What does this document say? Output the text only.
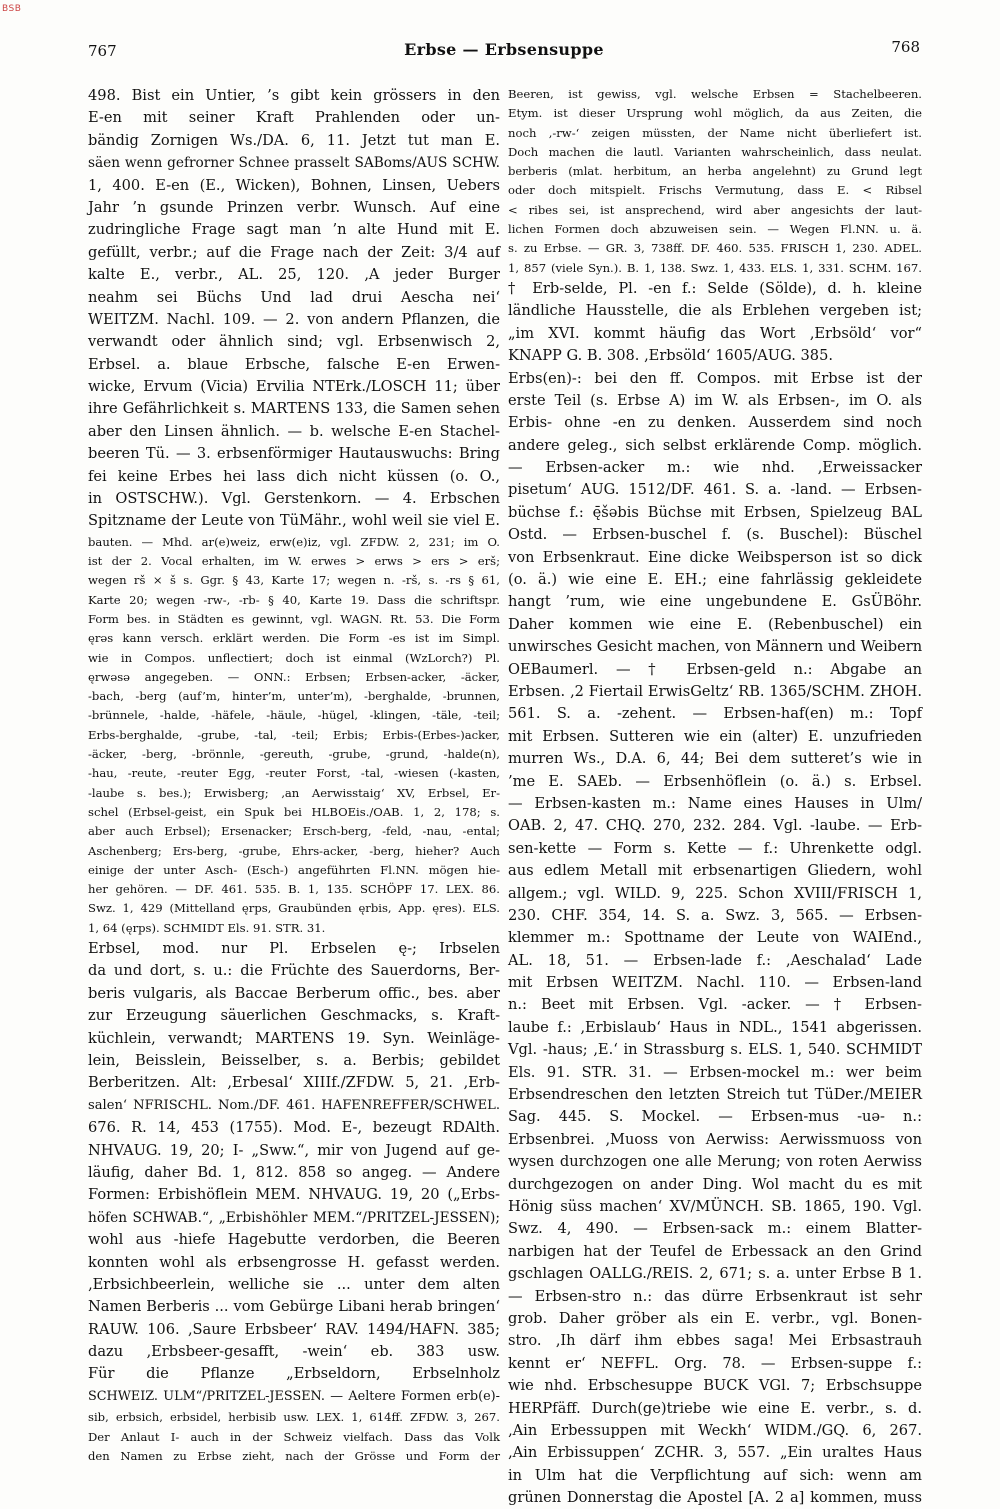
BSB
767	Erbse — Erbsensuppe	768
498. Bist ein Untier, ’s gibt kein grössers in den
E-en mit seiner Kraft Prahlenden oder un-
bändig Zornigen Ws./DA. 6, 11. Jetzt tut man E.
säen wenn gefrorner Schnee prasselt SABoms/AUS SCHW.
1, 400. E-en (E., Wicken), Bohnen, Linsen, Uebers
Jahr ’n gsunde Prinzen verbr. Wunsch. Auf eine
zudringliche Frage sagt man ’n alte Hund mit E.
gefüllt, verbr.; auf die Frage nach der Zeit: 3/4 auf
kalte E., verbr., AL. 25, 120. ‚A jeder Burger
neahm sei Büchs Und lad drui Aescha nei‘
WEITZM. Nachl. 109. — 2. von andern Pflanzen, die
verwandt oder ähnlich sind; vgl. Erbsenwisch 2,
Erbsel. a. blaue Erbsche, falsche E-en Erwen-
wicke, Ervum (Vicia) Ervilia NTErk./LOSCH 11; über
ihre Gefährlichkeit s. MARTENS 133, die Samen sehen
aber den Linsen ähnlich. — b. welsche E-en Stachel-
beeren Tü. — 3. erbsenförmiger Hautauswuchs: Bring
fei keine Erbes hei lass dich nicht küssen (o. O.,
in OSTSCHW.). Vgl. Gerstenkorn. — 4. Erbschen
Spitzname der Leute von TüMähr., wohl weil sie viel E.
bauten. — Mhd. ar(e)weiz, erw(e)iz, vgl. ZFDW. 2, 231; im O.
ist der 2. Vocal erhalten, im W. erwes > erws > ers > erš;
wegen rš × š s. Ggr. § 43, Karte 17; wegen n. -rš, s. -rs § 61,
Karte 20; wegen -rw-, -rb- § 40, Karte 19. Dass die schriftspr.
Form bes. in Städten es gewinnt, vgl. WAGN. Rt. 53. Die Form
ęrəs kann versch. erklärt werden. Die Form -es ist im Simpl.
wie in Compos. unflectiert; doch ist einmal (WzLorch?) Pl.
ęrwəsə angegeben. — ONN.: Erbsen; Erbsen-acker, -äcker,
-bach, -berg (auf’m, hinter’m, unter’m), -berghalde, -brunnen,
-brünnele, -halde, -häfele, -häule, -hügel, -klingen, -täle, -teil;
Erbs-berghalde, -grube, -tal, -teil; Erbis; Erbis-(Erbes-)acker,
-äcker, -berg, -brönnle, -gereuth, -grube, -grund, -halde(n),
-hau, -reute, -reuter Egg, -reuter Forst, -tal, -wiesen (-kasten,
-laube s. bes.); Erwisberg; ‚an Aerwisstaig‘ XV, Erbsel, Er-
schel (Erbsel-geist, ein Spuk bei HLBOEis./OAB. 1, 2, 178; s.
aber auch Erbsel); Ersenacker; Ersch-berg, -feld, -nau, -ental;
Aschenberg; Ers-berg, -grube, Ehrs-acker, -berg, hieher? Auch
einige der unter Asch- (Esch-) angeführten Fl.NN. mögen hie-
her gehören. — DF. 461. 535. B. 1, 135. SCHÖPF 17. LEX. 86.
Swz. 1, 429 (Mittelland ęrps, Graubünden ęrbis, App. ęres). ELS.
1, 64 (ęrps). SCHMIDT Els. 91. STR. 31.
Erbsel, mod. nur Pl. Erbselen ę-; Irbselen
da und dort, s. u.: die Früchte des Sauerdorns, Ber-
beris vulgaris, als Baccae Berberum offic., bes. aber
zur Erzeugung säuerlichen Geschmacks, s. Kraft-
küchlein, verwandt; MARTENS 19. Syn. Weinläge-
lein, Beisslein, Beisselber, s. a. Berbis; gebildet
Berberitzen. Alt: ‚Erbesal‘ XIIIf./ZFDW. 5, 21. ‚Erb-
salen‘ NFRISCHL. Nom./DF. 461. HAFENREFFER/SCHWEL.
676. R. 14, 453 (1755). Mod. E-, bezeugt RDAlth.
NHVAUG. 19, 20; I- „Sww.“, mir von Jugend auf ge-
läufig, daher Bd. 1, 812. 858 so angeg. — Andere
Formen: Erbishöflein MEM. NHVAUG. 19, 20 („Erbs-
höfen SCHWAB.“, „Erbishöhler MEM.“/PRITZEL-JESSEN);
wohl aus -hiefe Hagebutte verdorben, die Beeren
konnten wohl als erbsengrosse H. gefasst werden.
‚Erbsichbeerlein, welliche sie ... unter dem alten
Namen Berberis ... vom Gebürge Libani herab bringen‘
RAUW. 106. ‚Saure Erbsbeer‘ RAV. 1494/HAFN. 385;
dazu ‚Erbsbeer-gesafft, -wein‘ eb. 383 usw.
Für die Pflanze „Erbseldorn, Erbselnholz
SCHWEIZ. ULM“/PRITZEL-JESSEN. — Aeltere Formen erb(e)-
sib, erbsich, erbsidel, herbisib usw. LEX. 1, 614ff. ZFDW. 3, 267.
Der Anlaut I- auch in der Schweiz vielfach. Dass das Volk
den Namen zu Erbse zieht, nach der Grösse und Form der
Beeren, ist gewiss, vgl. welsche Erbsen = Stachelbeeren.
Etym. ist dieser Ursprung wohl möglich, da aus Zeiten, die
noch ‚-rw-‘ zeigen müssten, der Name nicht überliefert ist.
Doch machen die lautl. Varianten wahrscheinlich, dass neulat.
berberis (mlat. herbitum, an herba angelehnt) zu Grund legt
oder doch mitspielt. Frischs Vermutung, dass E. < Ribsel
< ribes sei, ist ansprechend, wird aber angesichts der laut-
lichen Formen doch abzuweisen sein. — Wegen Fl.NN. u. ä.
s. zu Erbse. — GR. 3, 738ff. DF. 460. 535. FRISCH 1, 230. ADEL.
1, 857 (viele Syn.). B. 1, 138. Swz. 1, 433. ELS. 1, 331. SCHM. 167.
† Erb-selde, Pl. -en f.: Selde (Sölde), d. h. kleine
ländliche Hausstelle, die als Erblehen vergeben ist;
„im XVI. kommt häufig das Wort ‚Erbsöld‘ vor“
KNAPP G. B. 308. ‚Erbsöld‘ 1605/AUG. 385.
Erbs(en)-: bei den ff. Compos. mit Erbse ist der
erste Teil (s. Erbse A) im W. als Erbsen-, im O. als
Erbis- ohne -en zu denken. Ausserdem sind noch
andere geleg., sich selbst erklärende Comp. möglich.
— Erbsen-acker m.: wie nhd. ‚Erweissacker
pisetum‘ AUG. 1512/DF. 461. S. a. -land. — Erbsen-
büchse f.: ę̄šəbis Büchse mit Erbsen, Spielzeug BAL
Ostd. — Erbsen-buschel f. (s. Buschel): Büschel
von Erbsenkraut. Eine dicke Weibsperson ist so dick
(o. ä.) wie eine E. EH.; eine fahrlässig gekleidete
hangt ’rum, wie eine ungebundene E. GsÜBöhr.
Daher kommen wie eine E. (Rebenbuschel) ein
unwirsches Gesicht machen, von Männern und Weibern
OEBaumerl. — † Erbsen-geld n.: Abgabe an
Erbsen. ‚2 Fiertail ErwisGeltz‘ RB. 1365/SCHM. ZHOH.
561. S. a. -zehent. — Erbsen-haf(en) m.: Topf
mit Erbsen. Sutteren wie ein (alter) E. unzufrieden
murren Ws., D.A. 6, 44; Bei dem sutteret’s wie in
’me E. SAEb. — Erbsenhöflein (o. ä.) s. Erbsel.
— Erbsen-kasten m.: Name eines Hauses in Ulm/
OAB. 2, 47. CHQ. 270, 232. 284. Vgl. -laube. — Erb-
sen-kette — Form s. Kette — f.: Uhrenkette odgl.
aus edlem Metall mit erbsenartigen Gliedern, wohl
allgem.; vgl. WILD. 9, 225. Schon XVIII/FRISCH 1,
230. CHF. 354, 14. S. a. Swz. 3, 565. — Erbsen-
klemmer m.: Spottname der Leute von WAIEnd.,
AL. 18, 51. — Erbsen-lade f.: ‚Aeschalad‘ Lade
mit Erbsen WEITZM. Nachl. 110. — Erbsen-land
n.: Beet mit Erbsen. Vgl. -acker. — † Erbsen-
laube f.: ‚Erbislaub‘ Haus in NDL., 1541 abgerissen.
Vgl. -haus; ‚E.‘ in Strassburg s. ELS. 1, 540. SCHMIDT
Els. 91. STR. 31. — Erbsen-mockel m.: wer beim
Erbsendreschen den letzten Streich tut TüDer./MEIER
Sag. 445. S. Mockel. — Erbsen-mus -uə- n.:
Erbsenbrei. ‚Muoss von Aerwiss: Aerwissmuoss von
wysen durchzogen one alle Merung; von roten Aerwiss
durchgezogen on ander Ding. Wol macht du es mit
Hönig süss machen‘ XV/MÜNCH. SB. 1865, 190. Vgl.
Swz. 4, 490. — Erbsen-sack m.: einem Blatter-
narbigen hat der Teufel de Erbessack an den Grind
gschlagen OALLG./REIS. 2, 671; s. a. unter Erbse B 1.
— Erbsen-stro n.: das dürre Erbsenkraut ist sehr
grob. Daher gröber als ein E. verbr., vgl. Bonen-
stro. ‚Ih därf ihm ebbes saga! Mei Erbsastrauh
kennt er‘ NEFFL. Org. 78. — Erbsen-suppe f.:
wie nhd. Erbschesuppe BUCK VGl. 7; Erbschsuppe
HERPfäff. Durch(ge)triebe wie eine E. verbr., s. d.
‚Ain Erbessuppen mit Weckh‘ WIDM./GQ. 6, 267.
‚Ain Erbissuppen‘ ZCHR. 3, 557. „Ein uraltes Haus
in Ulm hat die Verpflichtung auf sich: wenn am
grünen Donnerstag die Apostel [A. 2 a] kommen, muss
